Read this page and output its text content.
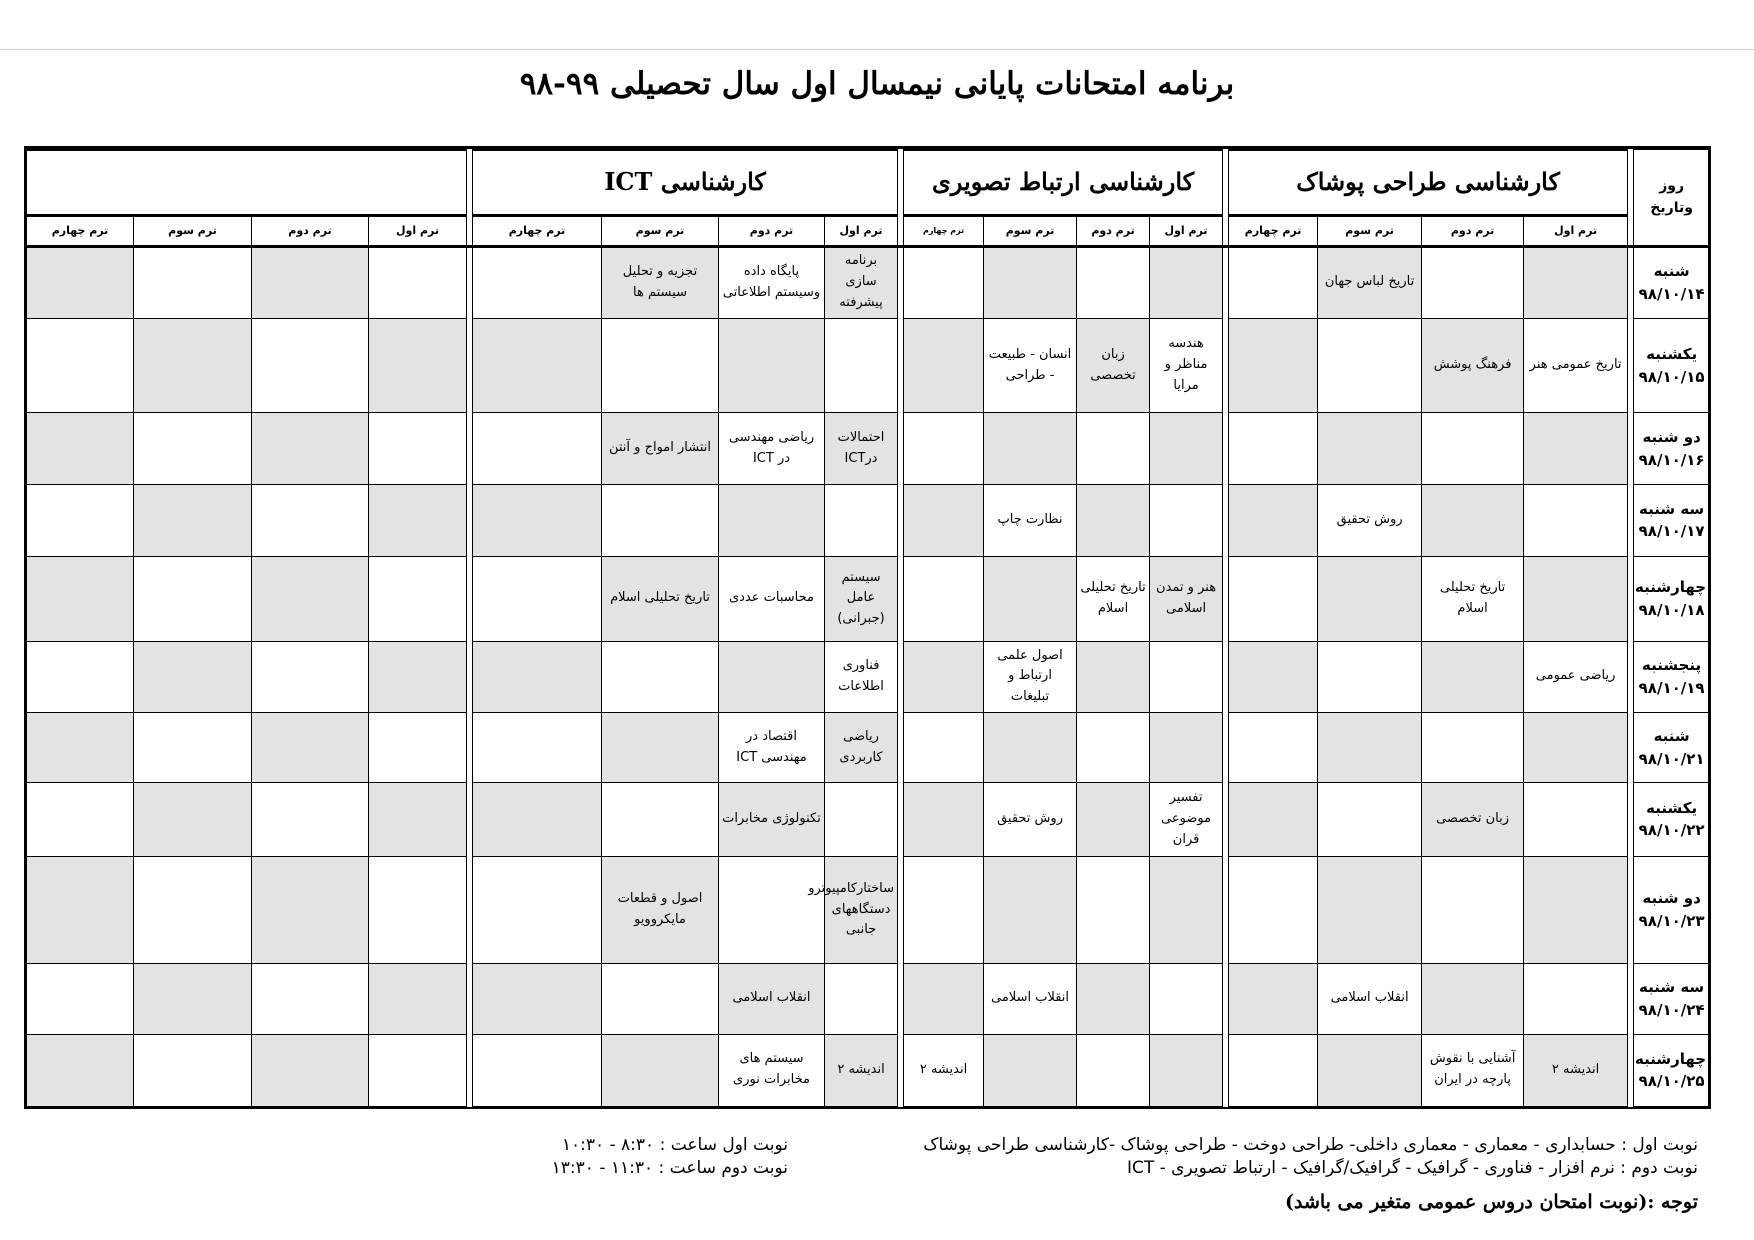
برنامه امتحانات پایانی نیمسال اول سال تحصیلی ۹۹-۹۸
					کارشناسی ICT					کارشناسی ارتباط تصویری					کارشناسی طراحی پوشاک					روز وتاریخ
ترم چهارم	ترم سوم	ترم دوم	ترم اول		ترم چهارم	ترم سوم	ترم دوم	ترم اول		ترم چهارم	ترم سوم	ترم دوم	ترم اول		ترم چهارم	ترم سوم	ترم دوم	ترم اول		
						تجزیه و تحلیل سیستم ها	پایگاه داده وسیستم اطلاعاتی	برنامه سازی پیشرفته								تاریخ لباس جهان				شنبه
۹۸/۱۰/۱۴

											انسان - طبیعت - طراحی	زبان تخصصی	هندسه مناظر و مرایا				فرهنگ پوشش	تاریخ عمومی هنر		یکشنبه
۹۸/۱۰/۱۵

						انتشار امواج و آنتن	ریاضی مهندسی در ICT	احتمالات درICT												دو شنبه
۹۸/۱۰/۱۶

											نظارت چاپ					روش تحقیق				سه شنبه
۹۸/۱۰/۱۷

						تاریخ تحلیلی اسلام	محاسبات عددی	سیستم عامل (جبرانی)				تاریخ تحلیلی اسلام	هنر و تمدن اسلامی				تاریخ تحلیلی اسلام			چهارشنبه
۹۸/۱۰/۱۸

								فناوری اطلاعات			اصول علمی ارتباط و تبلیغات							ریاضی عمومی		پنجشنبه
۹۸/۱۰/۱۹

							اقتصاد در مهندسی ICT	ریاضی کاربردی												شنبه
۹۸/۱۰/۲۱

							تکنولوژی مخابرات				روش تحقیق		تفسیر موضوعی قران				زبان تخصصی			یکشنبه
۹۸/۱۰/۲۲

						اصول و قطعات مایکروویو		ساختارکامپیوترو دستگاههای جانبی												دو شنبه
۹۸/۱۰/۲۳

							انقلاب اسلامی				انقلاب اسلامی					انقلاب اسلامی				سه شنبه
۹۸/۱۰/۲۴

							سیستم های مخابرات نوری	اندیشه ۲		اندیشه ۲							آشنایی با نقوش پارچه در ایران	اندیشه ۲		چهارشنبه
۹۸/۱۰/۲۵
نوبت اول : حسابداری - معماری - معماری داخلی- طراحی دوخت - طراحی پوشاک -کارشناسی طراحی پوشاک
نوبت دوم : نرم افزار - فناوری - گرافیک - گرافیک/گرافیک - ارتباط تصویری - ICT
نوبت اول ساعت : ۸:۳۰ - ۱۰:۳۰
نوبت دوم ساعت : ۱۱:۳۰ - ۱۳:۳۰
توجه :(نوبت امتحان دروس عمومی متغیر می باشد)
